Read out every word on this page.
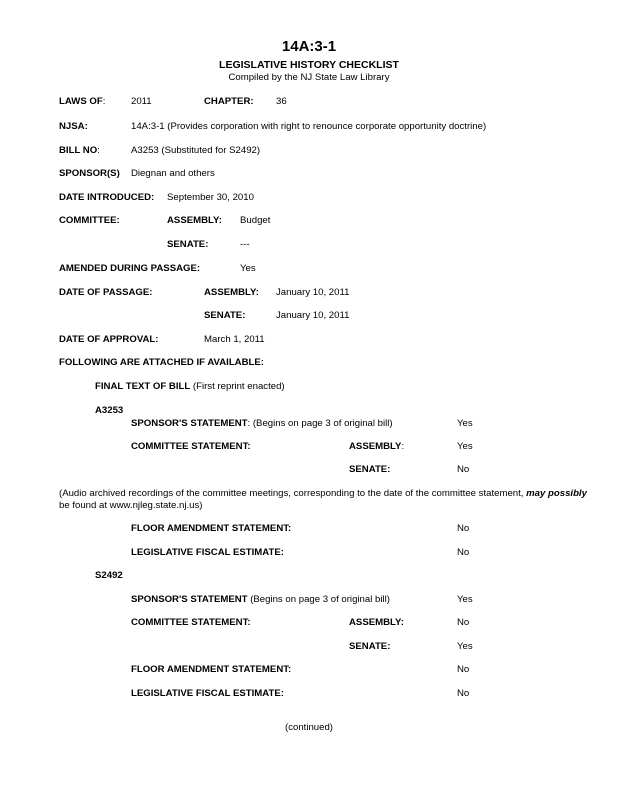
14A:3-1
LEGISLATIVE HISTORY CHECKLIST
Compiled by the NJ State Law Library
LAWS OF:	2011	CHAPTER: 36
NJSA:	14A:3-1 (Provides corporation with right to renounce corporate opportunity doctrine)
BILL NO:	A3253 (Substituted for S2492)
SPONSOR(S) Diegnan and others
DATE INTRODUCED: September 30, 2010
COMMITTEE:	ASSEMBLY: Budget
SENATE:	---
AMENDED DURING PASSAGE:	Yes
DATE OF PASSAGE:	ASSEMBLY: January 10, 2011
SENATE:	January 10, 2011
DATE OF APPROVAL:	March 1, 2011
FOLLOWING ARE ATTACHED IF AVAILABLE:
FINAL TEXT OF BILL (First reprint enacted)
A3253
SPONSOR'S STATEMENT: (Begins on page 3 of original bill)	Yes
COMMITTEE STATEMENT:	ASSEMBLY:	Yes
SENATE:	No
(Audio archived recordings of the committee meetings, corresponding to the date of the committee statement, may possibly
be found at www.njleg.state.nj.us)
FLOOR AMENDMENT STATEMENT:	No
LEGISLATIVE FISCAL ESTIMATE:	No
S2492
SPONSOR'S STATEMENT (Begins on page 3 of original bill)	Yes
COMMITTEE STATEMENT:	ASSEMBLY:	No
SENATE:	Yes
FLOOR AMENDMENT STATEMENT:	No
LEGISLATIVE FISCAL ESTIMATE:	No
(continued)
